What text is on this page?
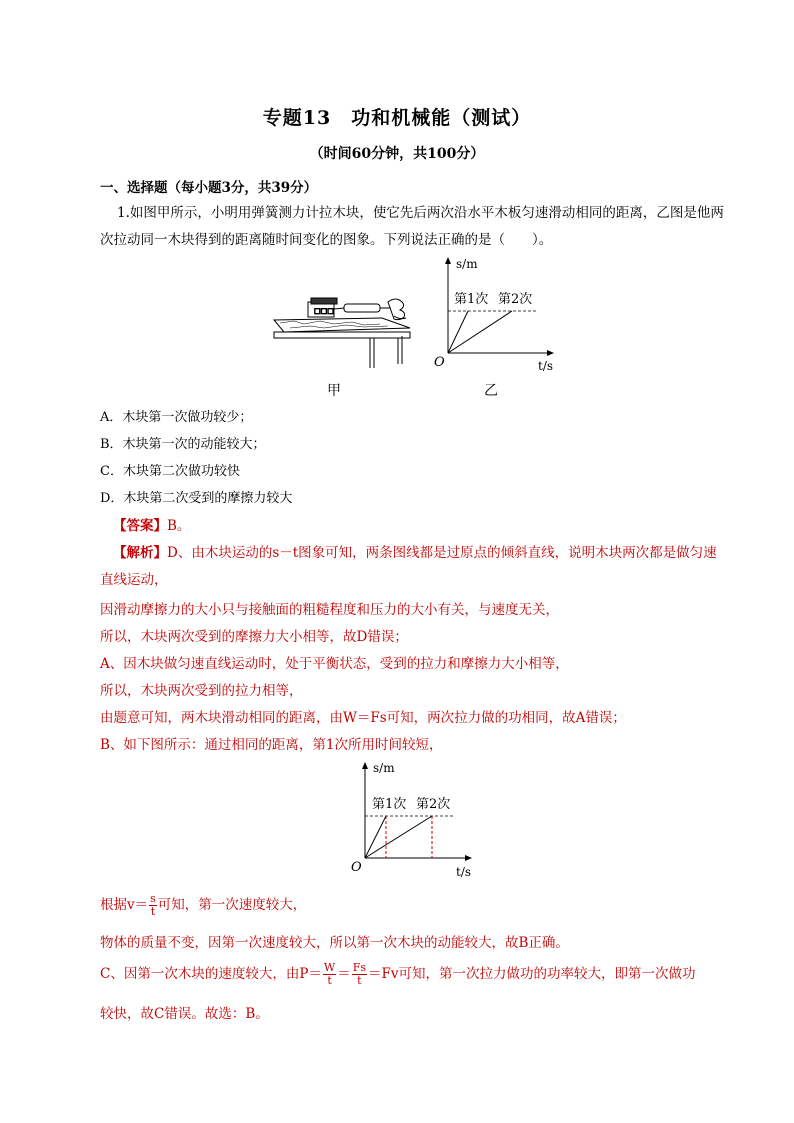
专题13　功和机械能（测试）
（时间60分钟，共100分）
一、选择题（每小题3分，共39分）
1.如图甲所示，小明用弹簧测力计拉木块，使它先后两次沿水平木板匀速滑动相同的距离，乙图是他两次拉动同一木块得到的距离随时间变化的图象。下列说法正确的是（　　）。
□□□
甲
s/m
t/s
O
第1次 第2次
乙
A．木块第一次做功较少；
B．木块第一次的动能较大；
C．木块第二次做功较快
D．木块第二次受到的摩擦力较大
【答案】B。
【解析】D、由木块运动的s－t图象可知，两条图线都是过原点的倾斜直线，说明木块两次都是做匀速直线运动，
因滑动摩擦力的大小只与接触面的粗糙程度和压力的大小有关，与速度无关，
所以，木块两次受到的摩擦力大小相等，故D错误；
A、因木块做匀速直线运动时，处于平衡状态，受到的拉力和摩擦力大小相等，
所以，木块两次受到的拉力相等，
由题意可知，两木块滑动相同的距离，由W＝Fs可知，两次拉力做的功相同，故A错误；
B、如下图所示：通过相同的距离，第1次所用时间较短，
s/m
t/s
O
第1次 第2次
根据$v= \frac{s}{t}$ 可知，第一次速度较大，
物体的质量不变，因第一次速度较大，所以第一次木块的动能较大，故B正确。
C、因第一次木块的速度较大，由$P= \frac{W}{t} = \frac{Fs}{t} =Fv$可知，第一次拉力做功的功率较大，即第一次做功
较快，故C错误。故选：B。
